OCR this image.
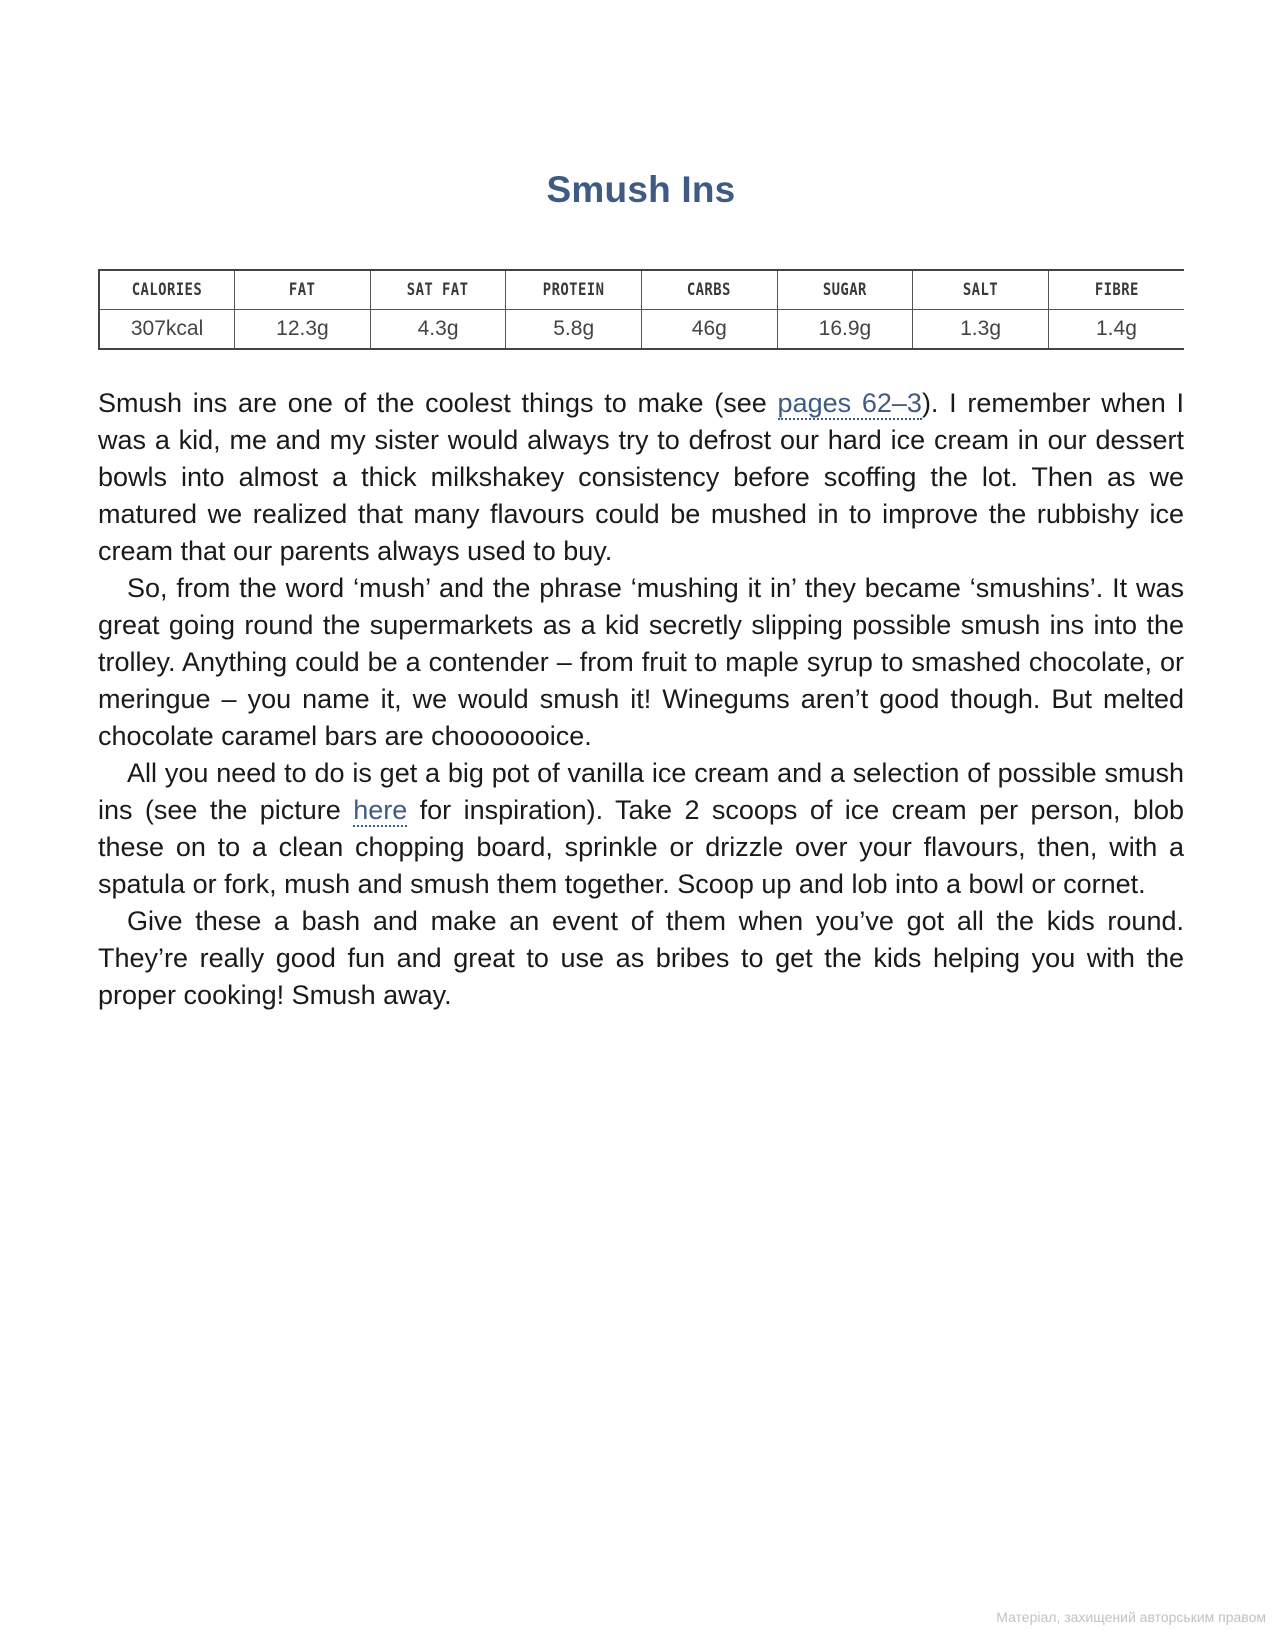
Smush Ins
CALORIES	FAT	SAT FAT	PROTEIN	CARBS	SUGAR	SALT	FIBRE
307kcal	12.3g	4.3g	5.8g	46g	16.9g	1.3g	1.4g

Smush ins are one of the coolest things to make (see pages 62–3). I remember when I was a kid, me and my sister would always try to defrost our hard ice cream in our dessert bowls into almost a thick milkshakey consistency before scoffing the lot. Then as we matured we realized that many flavours could be mushed in to improve the rubbishy ice cream that our parents always used to buy.

So, from the word ‘mush’ and the phrase ‘mushing it in’ they became ‘smushins’. It was great going round the supermarkets as a kid secretly slipping possible smush ins into the trolley. Anything could be a contender – from fruit to maple syrup to smashed chocolate, or meringue – you name it, we would smush it! Winegums aren’t good though. But melted chocolate caramel bars are chooooooice.

All you need to do is get a big pot of vanilla ice cream and a selection of possible smush ins (see the picture here for inspiration). Take 2 scoops of ice cream per person, blob these on to a clean chopping board, sprinkle or drizzle over your flavours, then, with a spatula or fork, mush and smush them together. Scoop up and lob into a bowl or cornet.

Give these a bash and make an event of them when you’ve got all the kids round. They’re really good fun and great to use as bribes to get the kids helping you with the proper cooking! Smush away.

Матеріал, захищений авторським правом
